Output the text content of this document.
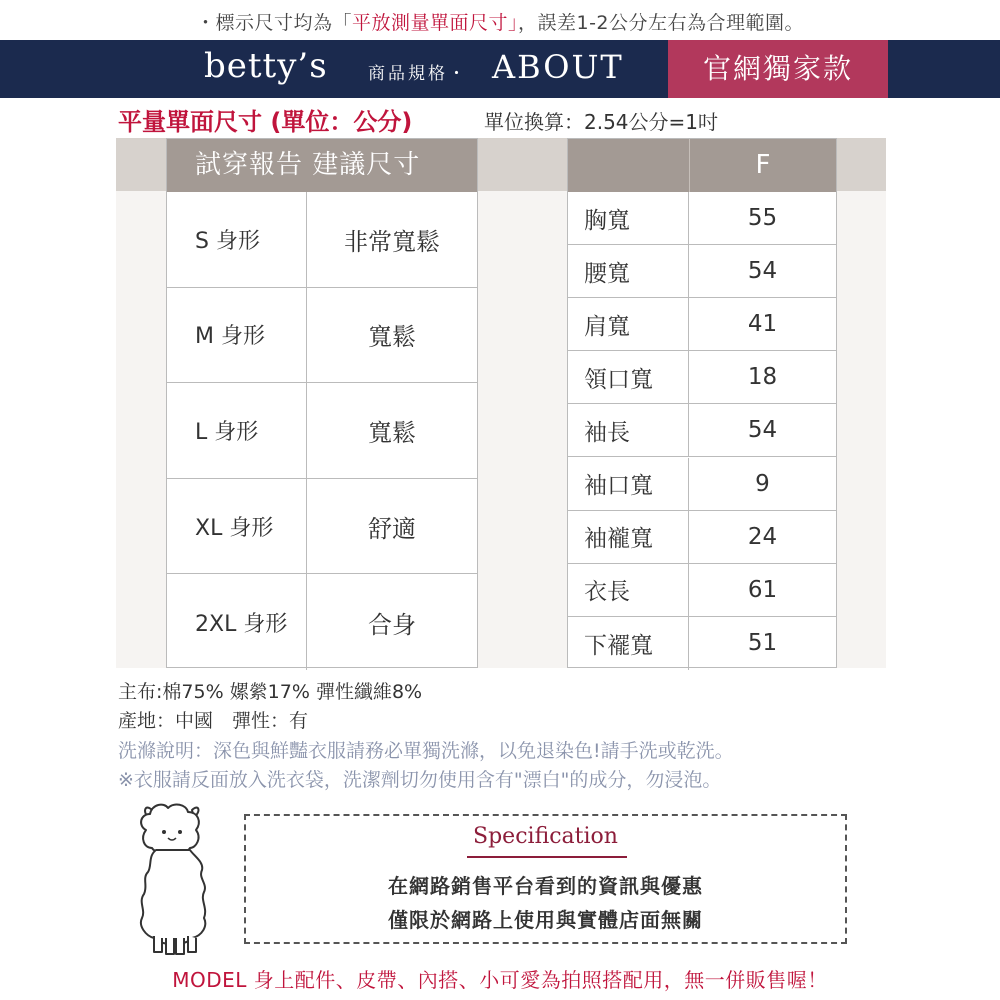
・標示尺寸均為「平放測量單面尺寸」，誤差1-2公分左右為合理範圍。
betty’s 商品規格・ ABOUT	官網獨家款
平量單面尺寸 (單位：公分)	單位換算：2.54公分=1吋
試穿報告 建議尺寸
S 身形	非常寬鬆
M 身形	寬鬆
L 身形	寬鬆
XL 身形	舒適
2XL 身形	合身
F
胸寬	55
腰寬	54
肩寬	41
領口寬	18
袖長	54
袖口寬	9
袖襱寬	24
衣長	61
下襬寬	51
主布:棉75% 嫘縈17% 彈性纖維8%
產地：中國　彈性：有
洗滌說明：深色與鮮豔衣服請務必單獨洗滌，以免退染色!請手洗或乾洗。
※衣服請反面放入洗衣袋，洗潔劑切勿使用含有"漂白"的成分，勿浸泡。
Specification
在網路銷售平台看到的資訊與優惠
僅限於網路上使用與實體店面無關
MODEL 身上配件、皮帶、內搭、小可愛為拍照搭配用，無一併販售喔！
